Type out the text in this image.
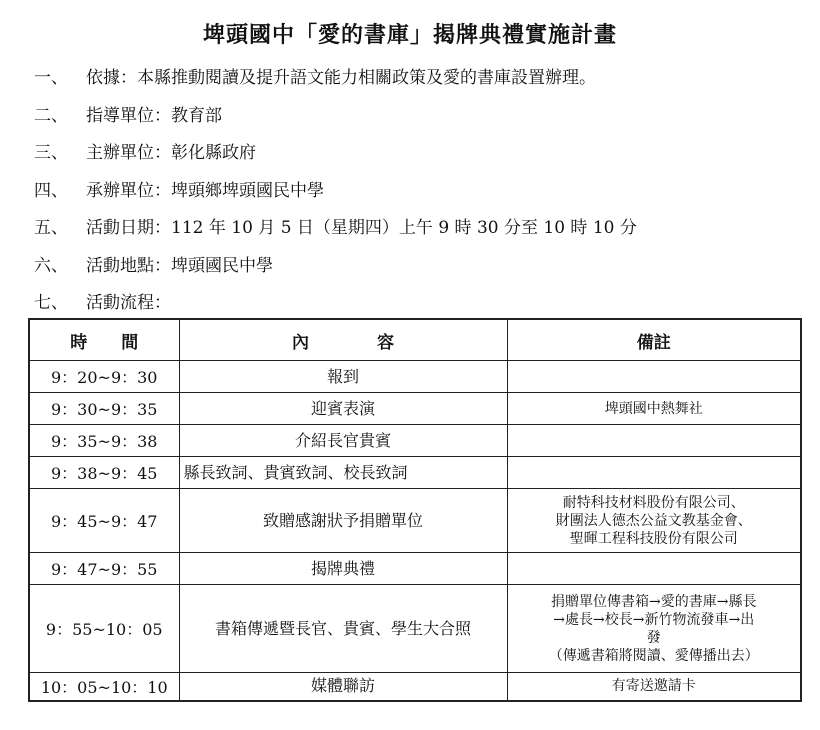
埤頭國中「愛的書庫」揭牌典禮實施計畫
一、	依據：本縣推動閱讀及提升語文能力相關政策及愛的書庫設置辦理。
二、	指導單位：教育部
三、	主辦單位：彰化縣政府
四、	承辦單位：埤頭鄉埤頭國民中學
五、	活動日期：112 年 10 月 5 日（星期四）上午 9 時 30 分至 10 時 10 分
六、	活動地點：埤頭國民中學
七、	活動流程：
時　　間	內　　　　容	備註
9：20~9：30	報到	
9：30~9：35	迎賓表演	埤頭國中熱舞社

9：35~9：38	介紹長官貴賓	
9：38~9：45	縣長致詞、貴賓致詞、校長致詞	
9：45~9：47	致贈感謝狀予捐贈單位	耐特科技材料股份有限公司、
財團法人德杰公益文教基金會、
聖暉工程科技股份有限公司

9：47~9：55	揭牌典禮	
9：55~10：05	書箱傳遞暨長官、貴賓、學生大合照	捐贈單位傳書箱→愛的書庫→縣長
→處長→校長→新竹物流發車→出
發
（傳遞書箱將閱讀、愛傳播出去）

10：05~10：10	媒體聯訪	有寄送邀請卡
